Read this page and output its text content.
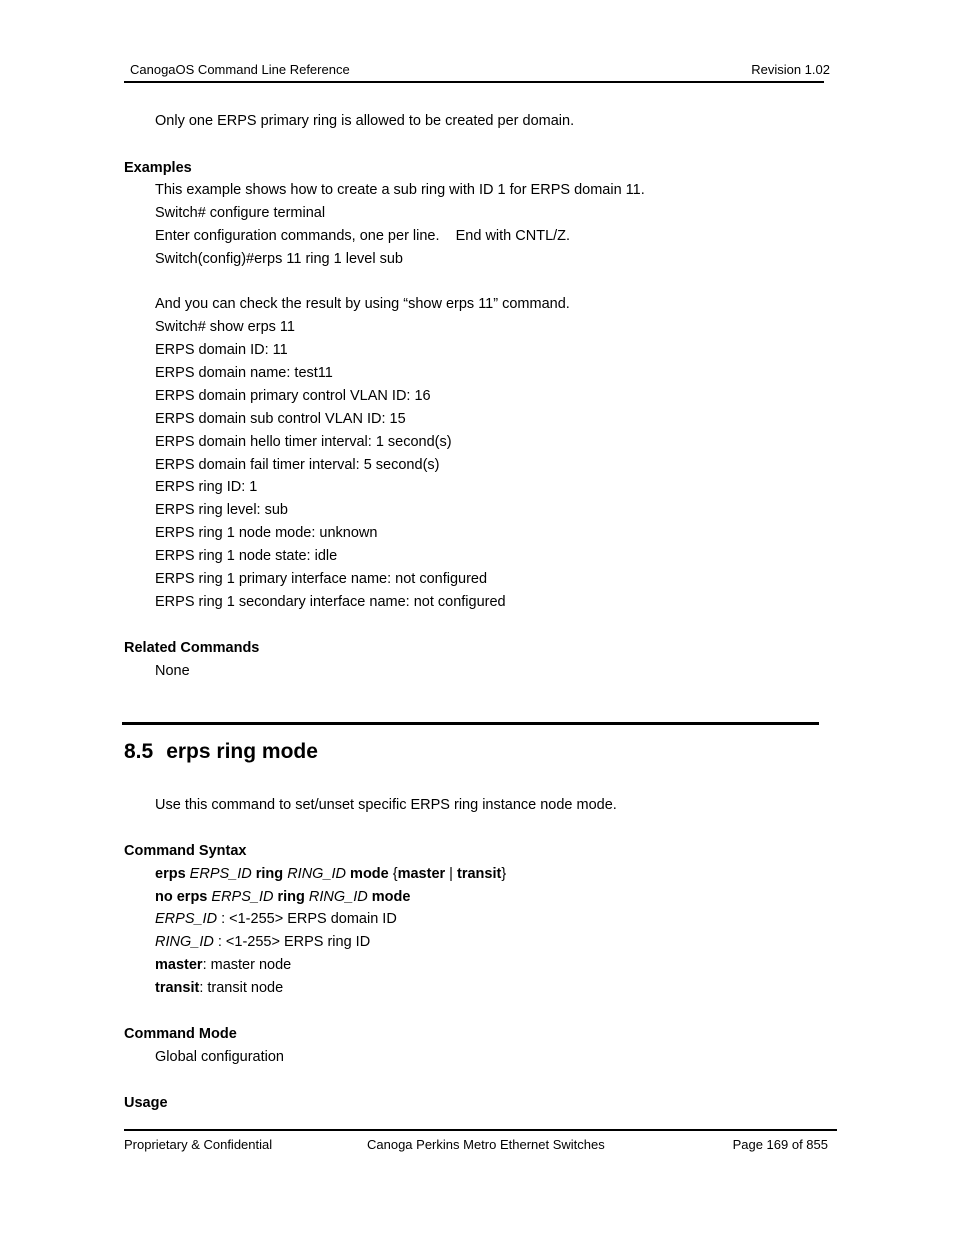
CanogaOS Command Line Reference	Revision 1.02
Only one ERPS primary ring is allowed to be created per domain.
Examples
This example shows how to create a sub ring with ID 1 for ERPS domain 11.
Switch# configure terminal
Enter configuration commands, one per line.    End with CNTL/Z.
Switch(config)#erps 11 ring 1 level sub
And you can check the result by using “show erps 11” command.
Switch# show erps 11
ERPS domain ID: 11
ERPS domain name: test11
ERPS domain primary control VLAN ID: 16
ERPS domain sub control VLAN ID: 15
ERPS domain hello timer interval: 1 second(s)
ERPS domain fail timer interval: 5 second(s)
ERPS ring ID: 1
ERPS ring level: sub
ERPS ring 1 node mode: unknown
ERPS ring 1 node state: idle
ERPS ring 1 primary interface name: not configured
ERPS ring 1 secondary interface name: not configured
Related Commands
None
8.5 erps ring mode
Use this command to set/unset specific ERPS ring instance node mode.
Command Syntax
erps ERPS_ID ring RING_ID mode {master | transit}
no erps ERPS_ID ring RING_ID mode
ERPS_ID : <1-255> ERPS domain ID
RING_ID : <1-255> ERPS ring ID
master: master node
transit: transit node
Command Mode
Global configuration
Usage
Proprietary & Confidential	Canoga Perkins Metro Ethernet Switches	Page 169 of 855
